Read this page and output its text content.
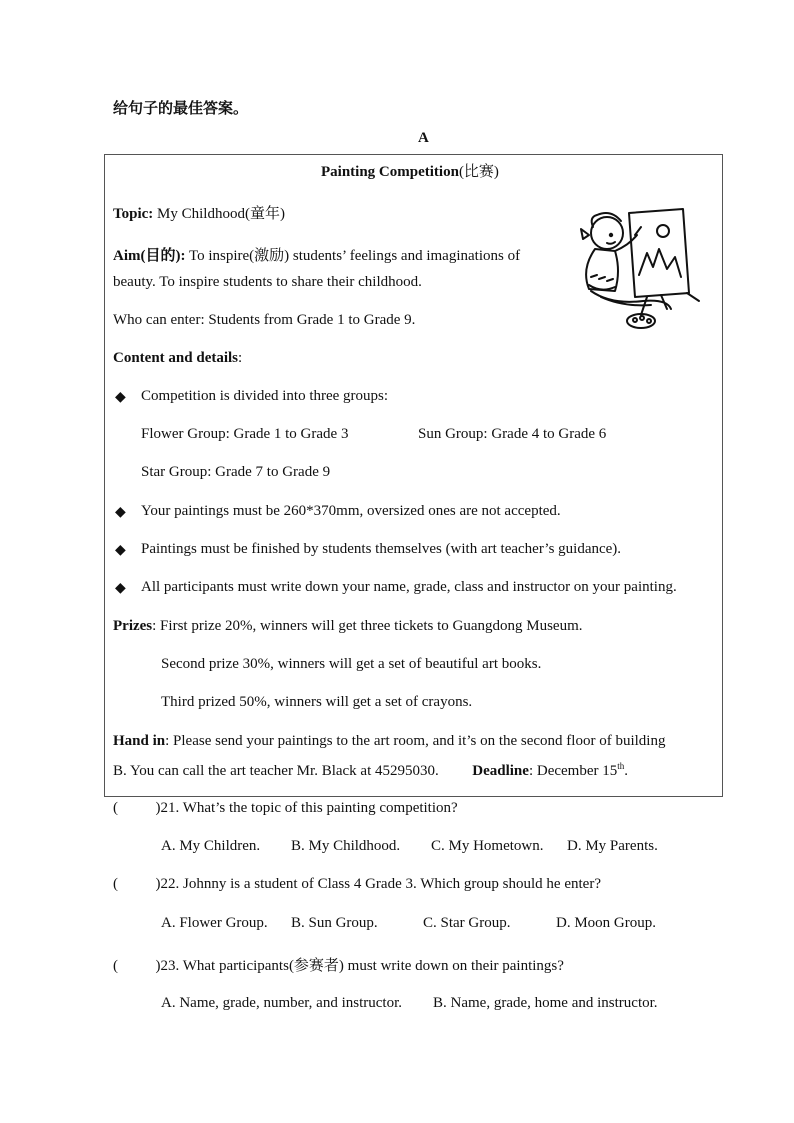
给句子的最佳答案。
A
Painting Competition(比赛)
Topic: My Childhood(童年)
Aim(目的): To inspire(激励) students’ feelings and imaginations of
beauty. To inspire students to share their childhood.
Who can enter: Students from Grade 1 to Grade 9.
Content and details:
◆ Competition is divided into three groups:
Flower Group: Grade 1 to Grade 3	Sun Group: Grade 4 to Grade 6
Star Group: Grade 7 to Grade 9
◆ Your paintings must be 260*370mm, oversized ones are not accepted.
◆ Paintings must be finished by students themselves (with art teacher’s guidance).
◆ All participants must write down your name, grade, class and instructor on your painting.
Prizes: First prize 20%, winners will get three tickets to Guangdong Museum.
Second prize 30%, winners will get a set of beautiful art books.
Third prized 50%, winners will get a set of crayons.
Hand in: Please send your paintings to the art room, and it’s on the second floor of building
B. You can call the art teacher Mr. Black at 45295030. Deadline: December 15th.
(          )21. What’s the topic of this painting competition?
A. My Children. B. My Childhood. C. My Hometown. D. My Parents.
(          )22. Johnny is a student of Class 4 Grade 3. Which group should he enter?
A. Flower Group. B. Sun Group.	C. Star Group.	D. Moon Group.
(          )23. What participants(参赛者) must write down on their paintings?
A. Name, grade, number, and instructor. B. Name, grade, home and instructor.
